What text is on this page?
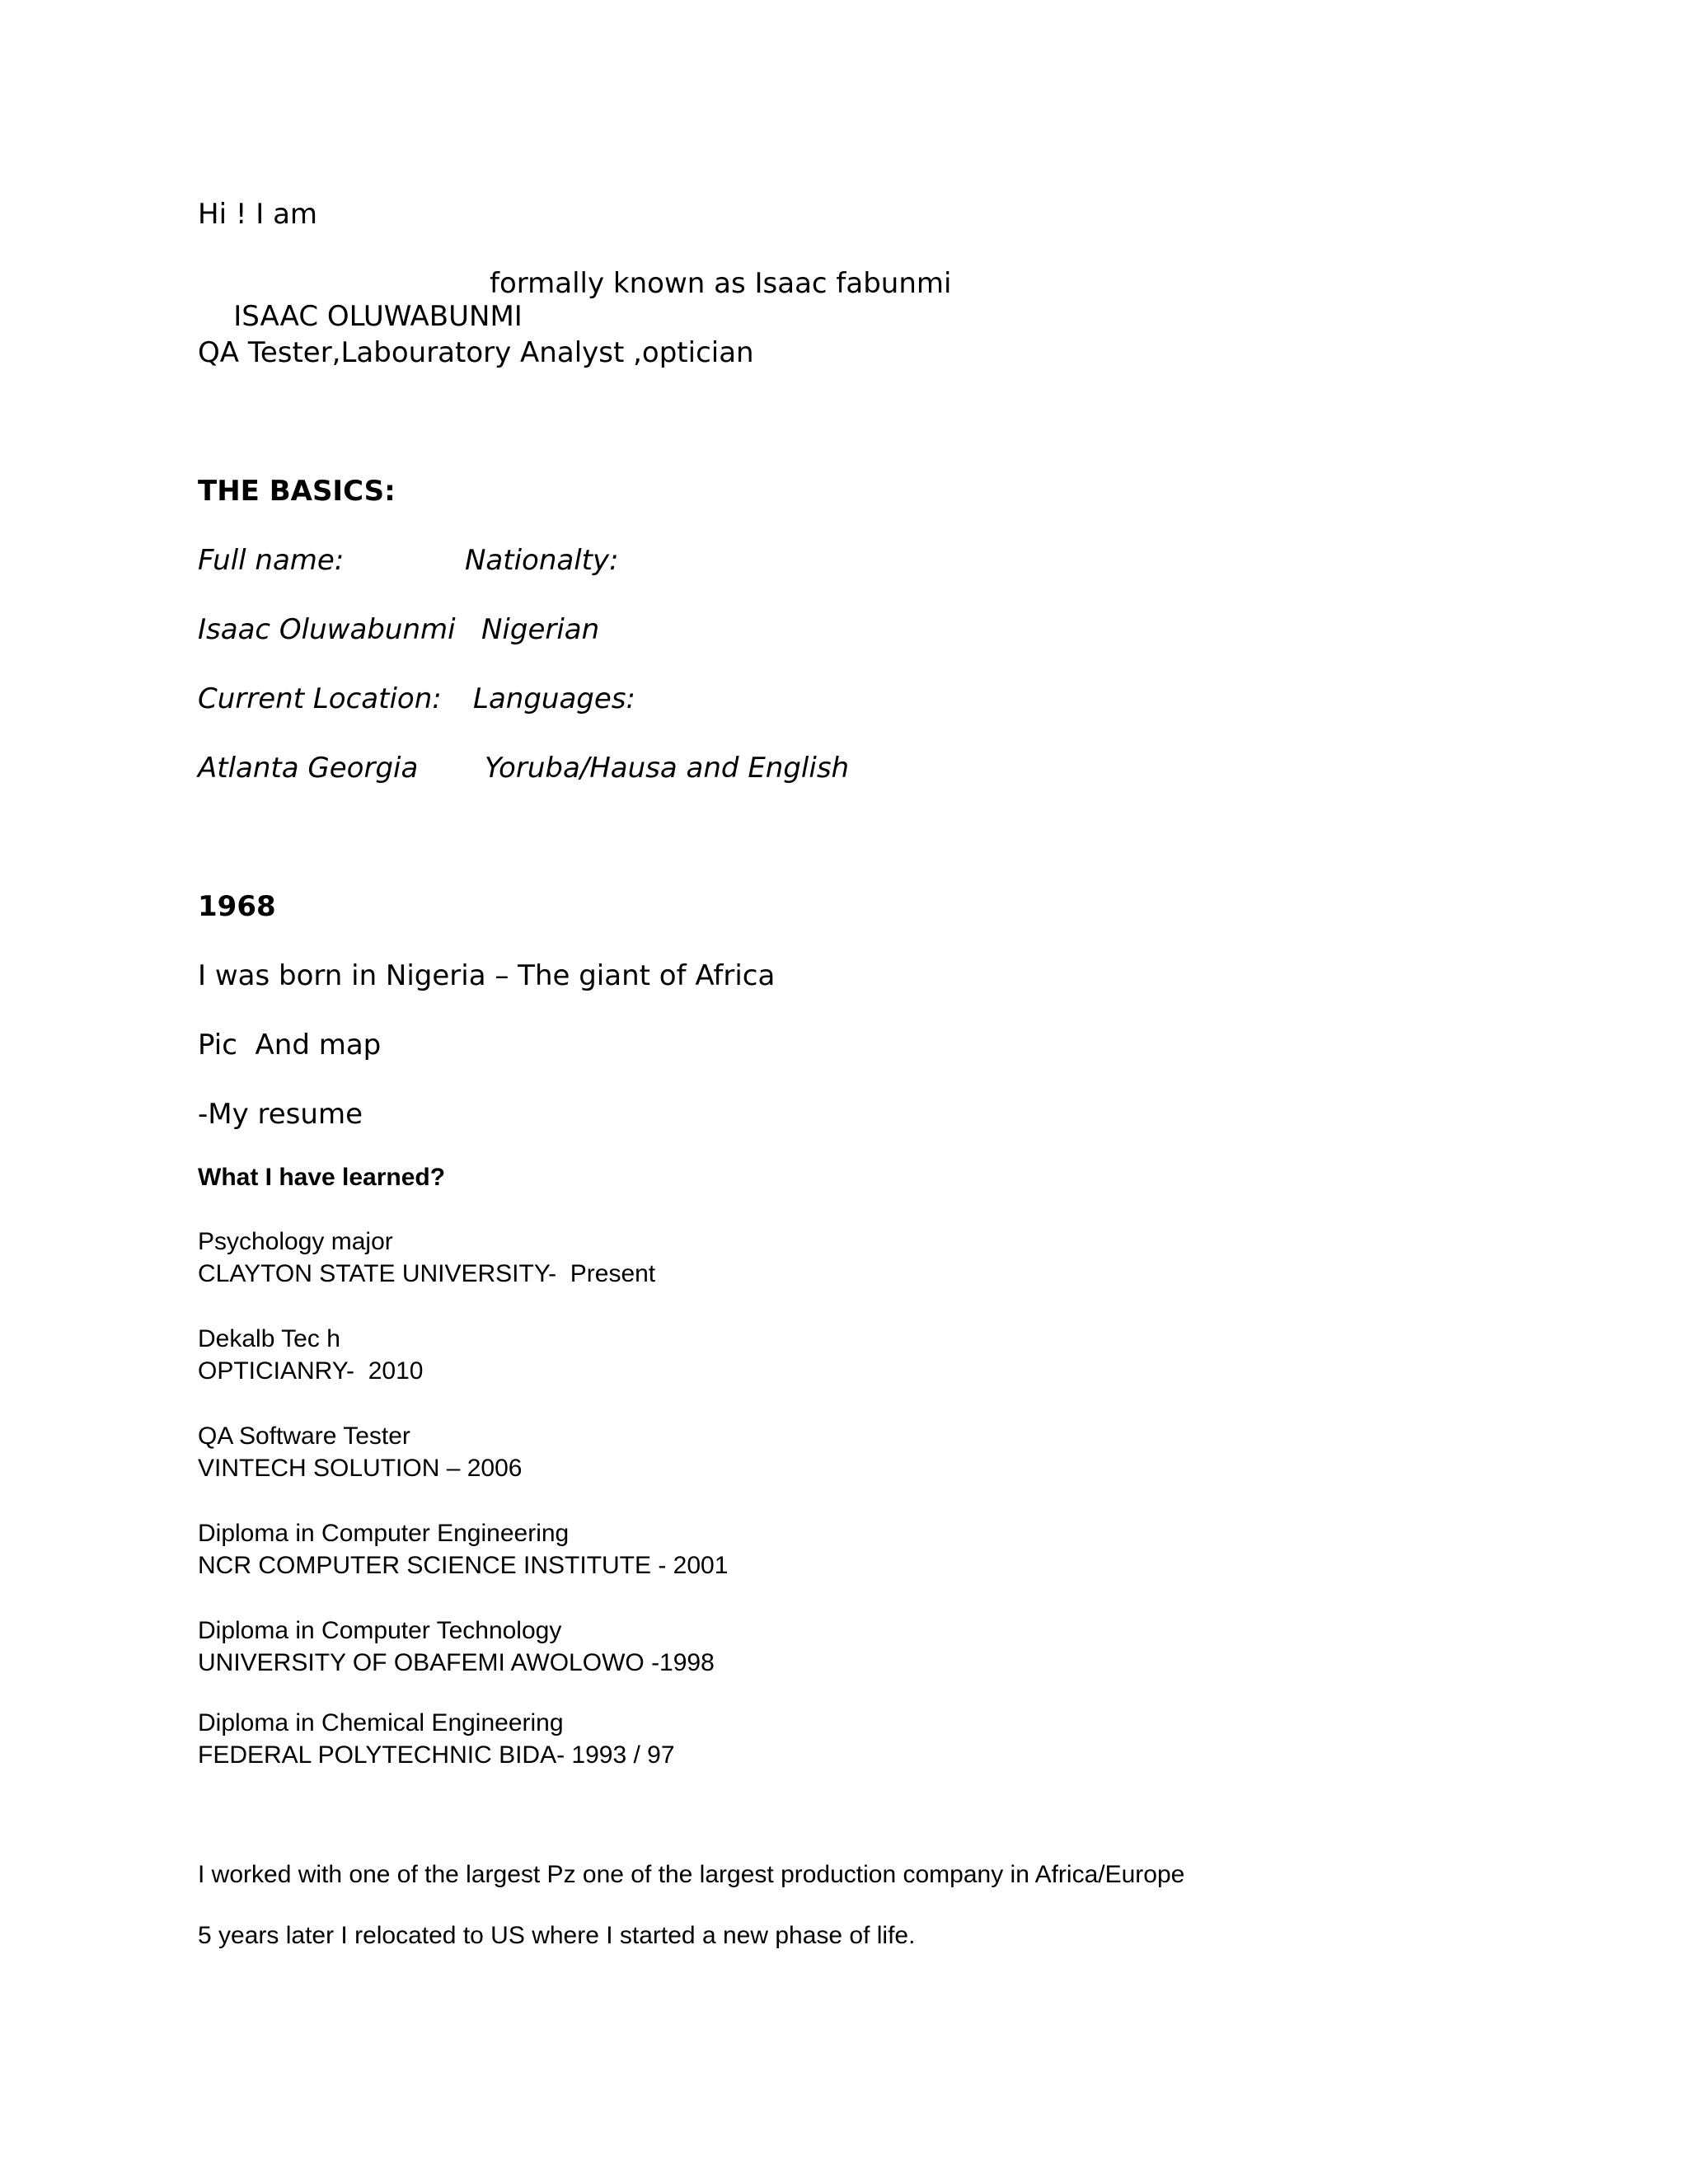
Hi ! I am

ISAAC OLUWABUNMI

formally known as Isaac fabunmi

QA Tester,Labouratory Analyst ,optician

THE BASICS:

Full name:	Nationalty:

Isaac Oluwabunmi Nigerian

Current Location: Languages:

Atlanta Georgia Yoruba/Hausa and English

1968

I was born in Nigeria – The giant of Africa

Pic  And map

-My resume

What I have learned?

Psychology major

CLAYTON STATE UNIVERSITY-  Present

Dekalb Tec h

OPTICIANRY-  2010

QA Software Tester

VINTECH SOLUTION – 2006

Diploma in Computer Engineering

NCR COMPUTER SCIENCE INSTITUTE - 2001

Diploma in Computer Technology

UNIVERSITY OF OBAFEMI AWOLOWO -1998

Diploma in Chemical Engineering

FEDERAL POLYTECHNIC BIDA- 1993 / 97

I worked with one of the largest Pz one of the largest production company in Africa/Europe

5 years later I relocated to US where I started a new phase of life.
